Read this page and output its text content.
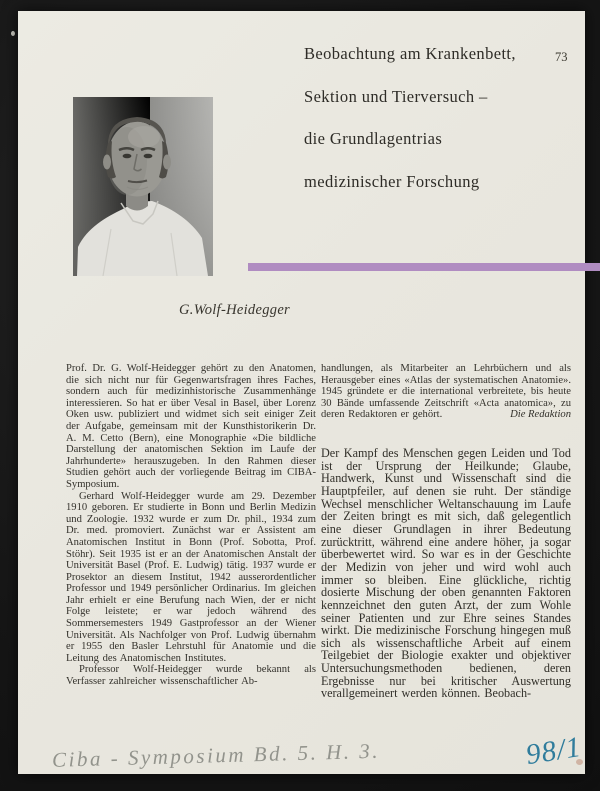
Beobachtung am Krankenbett,
Sektion und Tierversuch –
die Grundlagentrias
medizinischer Forschung
73
G.Wolf-Heidegger

Prof. Dr. G. Wolf-Heidegger gehört zu den Anatomen, die sich nicht nur für Gegenwartsfragen ihres Faches, sondern auch für medizinhistorische Zusammenhänge interessieren. So hat er über Vesal in Basel, über Lorenz Oken usw. publiziert und widmet sich seit einiger Zeit der Aufgabe, gemeinsam mit der Kunsthistorikerin Dr. A. M. Cetto (Bern), eine Monographie «Die bildliche Darstellung der anatomischen Sektion im Laufe der Jahrhunderte» herauszugeben. In den Rahmen dieser Studien gehört auch der vorliegende Beitrag im CIBA-Symposium.

Gerhard Wolf-Heidegger wurde am 29. Dezember 1910 geboren. Er studierte in Bonn und Berlin Medizin und Zoologie. 1932 wurde er zum Dr. phil., 1934 zum Dr. med. promoviert. Zunächst war er Assistent am Anatomischen Institut in Bonn (Prof. Sobotta, Prof. Stöhr). Seit 1935 ist er an der Anatomischen Anstalt der Universität Basel (Prof. E. Ludwig) tätig. 1937 wurde er Prosektor an diesem Institut, 1942 ausserordentlicher Professor und 1949 persönlicher Ordinarius. Im gleichen Jahr erhielt er eine Berufung nach Wien, der er nicht Folge leistete; er war jedoch während des Sommersemesters 1949 Gastprofessor an der Wiener Universität. Als Nachfolger von Prof. Ludwig übernahm er 1955 den Basler Lehrstuhl für Anatomie und die Leitung des Anatomischen Institutes.

Professor Wolf-Heidegger wurde bekannt als Verfasser zahlreicher wissenschaftlicher Ab-

handlungen, als Mitarbeiter an Lehrbüchern und als Herausgeber eines «Atlas der systematischen Anatomie». 1945 gründete er die international verbreitete, bis heute 30 Bände umfassende Zeitschrift «Acta anatomica», zu deren Redaktoren er gehört.	Die Redaktion

Der Kampf des Menschen gegen Leiden und Tod ist der Ursprung der Heilkunde; Glaube, Handwerk, Kunst und Wissenschaft sind die Hauptpfeiler, auf denen sie ruht. Der ständige Wechsel menschlicher Weltanschauung im Laufe der Zeiten bringt es mit sich, daß gelegentlich eine dieser Grundlagen in ihrer Bedeutung zurücktritt, während eine andere höher, ja sogar überbewertet wird. So war es in der Geschichte der Medizin von jeher und wird wohl auch immer so bleiben. Eine glückliche, richtig dosierte Mischung der oben genannten Faktoren kennzeichnet den guten Arzt, der zum Wohle seiner Patienten und zur Ehre seines Standes wirkt. Die medizinische Forschung hingegen muß sich als wissenschaftliche Arbeit auf einem Teilgebiet der Biologie exakter und objektiver Untersuchungsmethoden bedienen, deren Ergebnisse nur bei kritischer Auswertung verallgemeinert werden können. Beobach-

Ciba - Symposium Bd. 5. H. 3.	98/1
